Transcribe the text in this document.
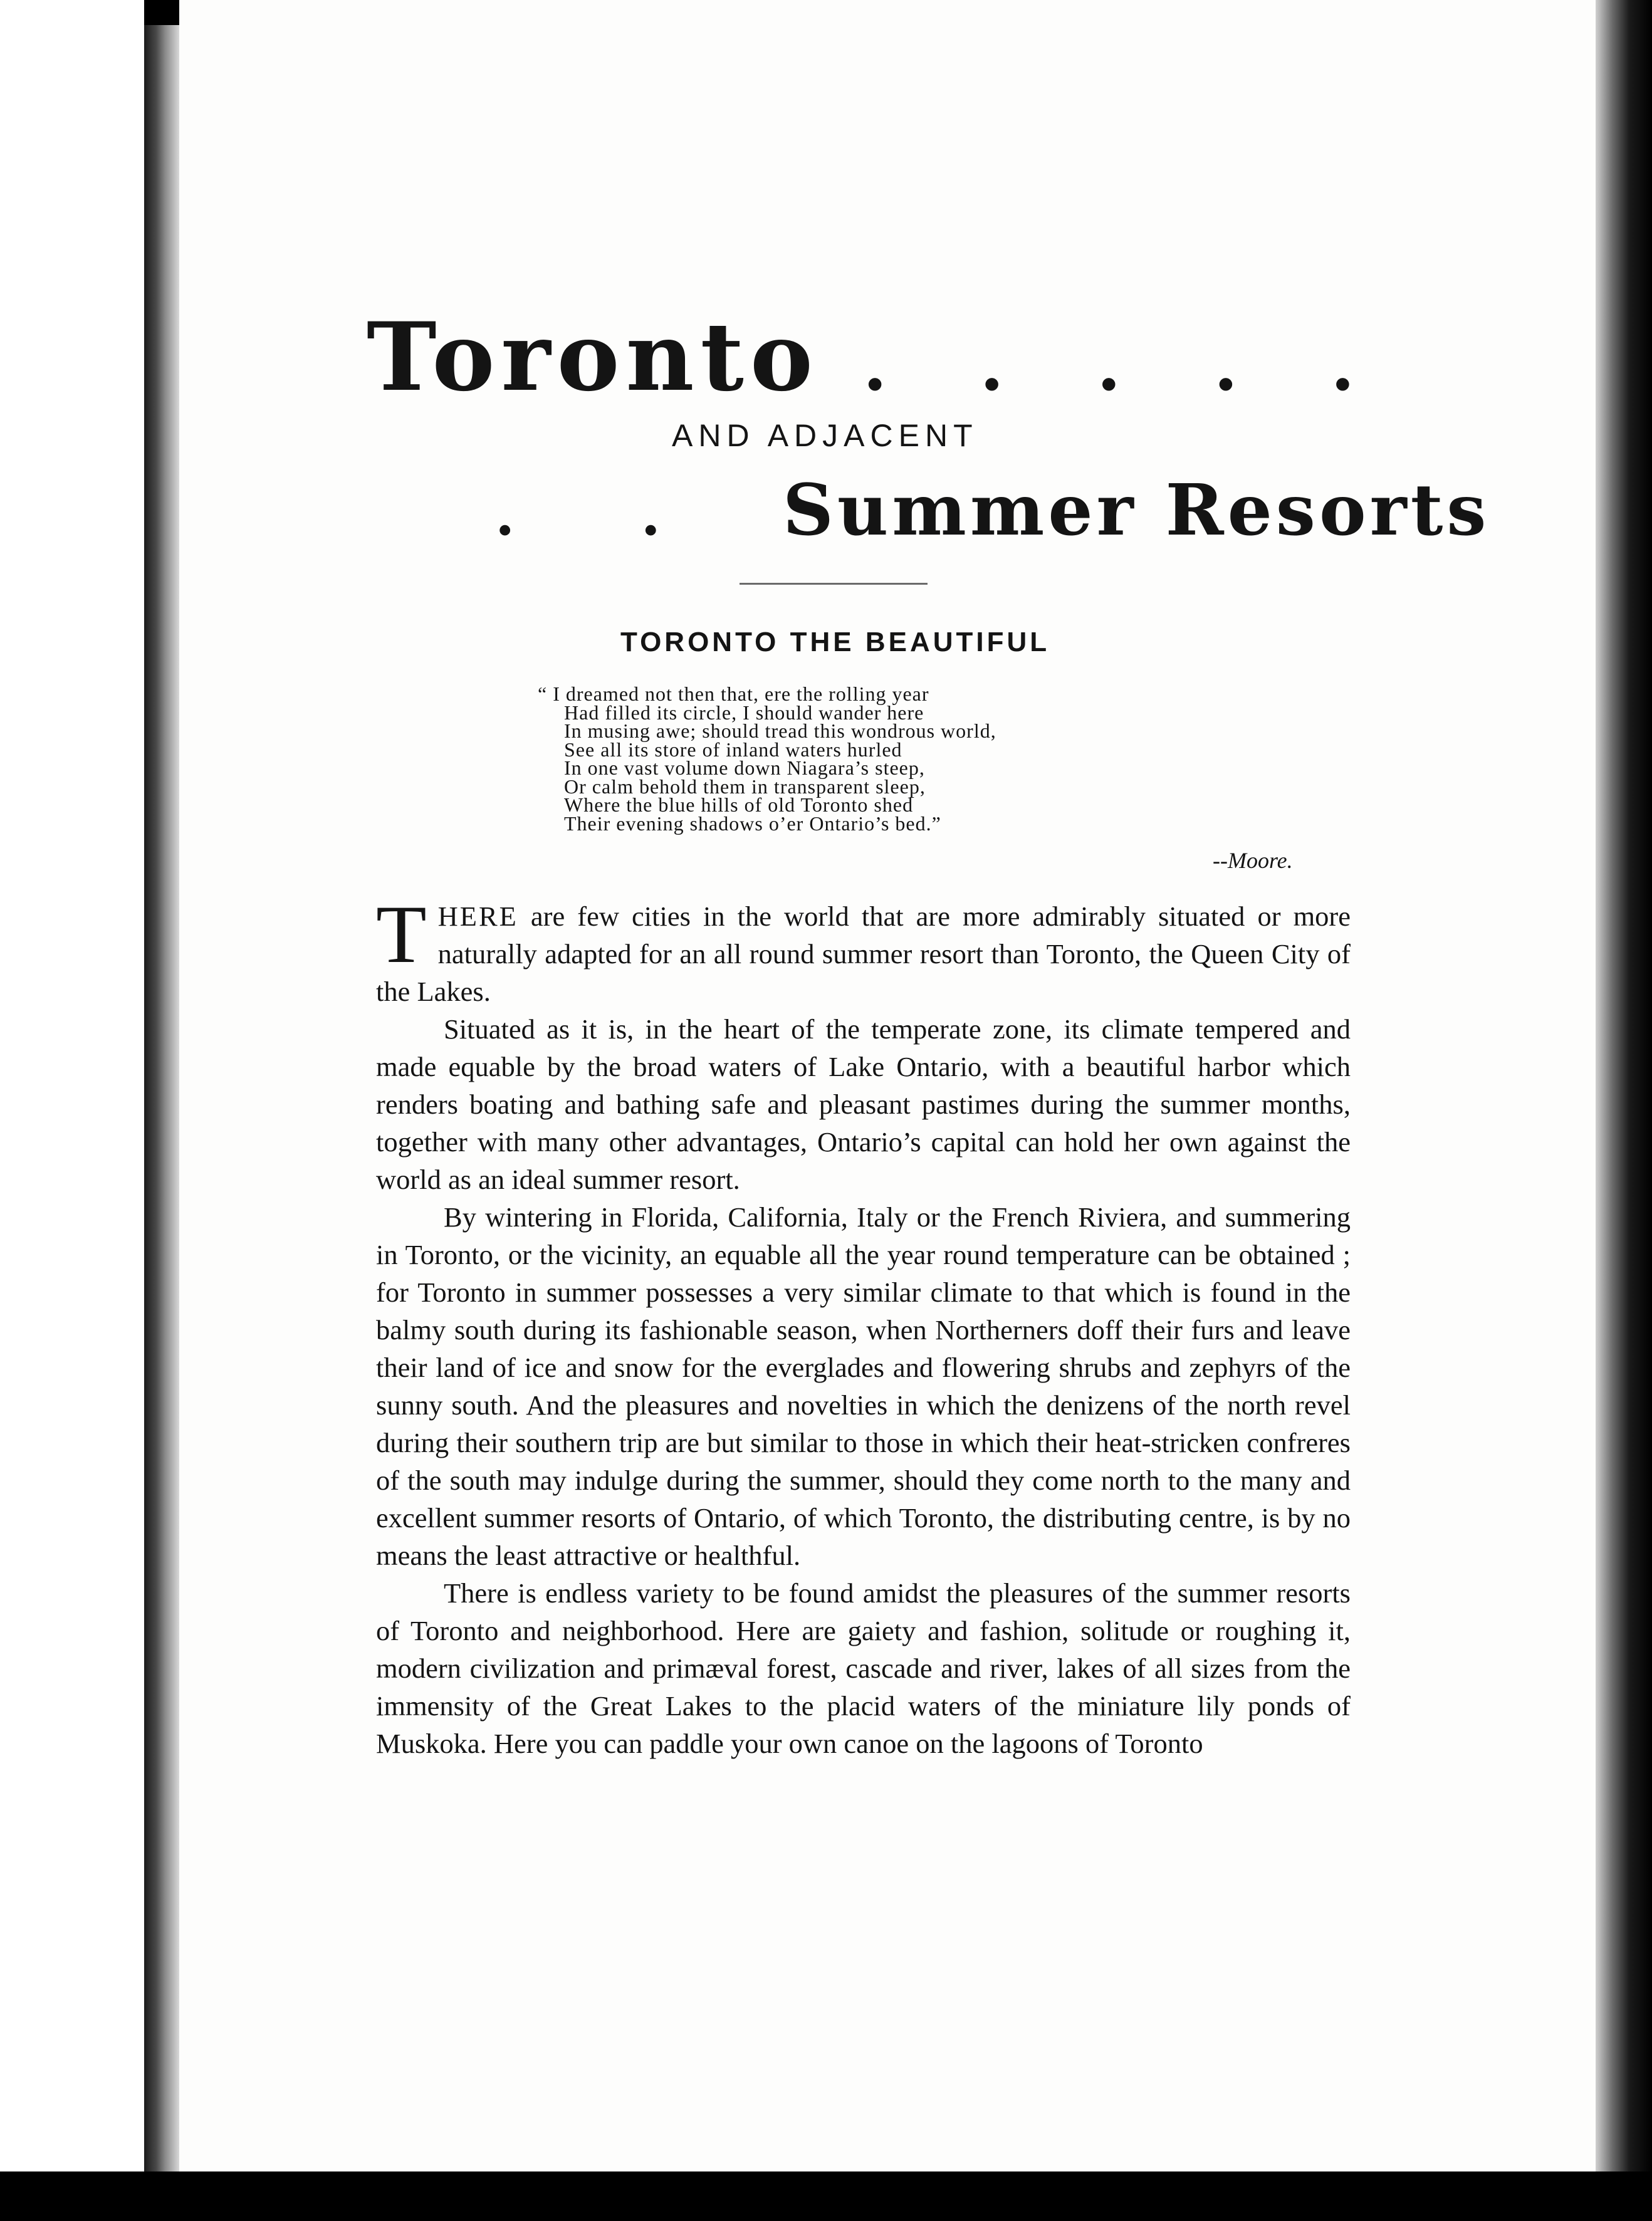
Toronto . . . . .
AND ADJACENT
. . Summer Resorts
TORONTO THE BEAUTIFUL
“ I dreamed not then that, ere the rolling year
Had filled its circle, I should wander here
In musing awe; should tread this wondrous world,
See all its store of inland waters hurled
In one vast volume down Niagara’s steep,
Or calm behold them in transparent sleep,
Where the blue hills of old Toronto shed
Their evening shadows o’er Ontario’s bed.”
--Moore.

THERE are few cities in the world that are more admirably situated or more naturally adapted for an all round summer resort than Toronto, the Queen City of the Lakes.

Situated as it is, in the heart of the temperate zone, its climate tempered and made equable by the broad waters of Lake Ontario, with a beautiful harbor which renders boating and bathing safe and pleasant pastimes during the summer months, together with many other advantages, Ontario’s capital can hold her own against the world as an ideal summer resort.

By wintering in Florida, California, Italy or the French Riviera, and summering in Toronto, or the vicinity, an equable all the year round temperature can be obtained ; for Toronto in summer possesses a very similar climate to that which is found in the balmy south during its fashionable season, when Northerners doff their furs and leave their land of ice and snow for the everglades and flowering shrubs and zephyrs of the sunny south. And the pleasures and novelties in which the denizens of the north revel during their southern trip are but similar to those in which their heat-stricken confreres of the south may indulge during the summer, should they come north to the many and excellent summer resorts of Ontario, of which Toronto, the distributing centre, is by no means the least attractive or healthful.

There is endless variety to be found amidst the pleasures of the summer resorts of Toronto and neighborhood. Here are gaiety and fashion, solitude or roughing it, modern civilization and primæval forest, cascade and river, lakes of all sizes from the immensity of the Great Lakes to the placid waters of the miniature lily ponds of Muskoka. Here you can paddle your own canoe on the lagoons of Toronto
